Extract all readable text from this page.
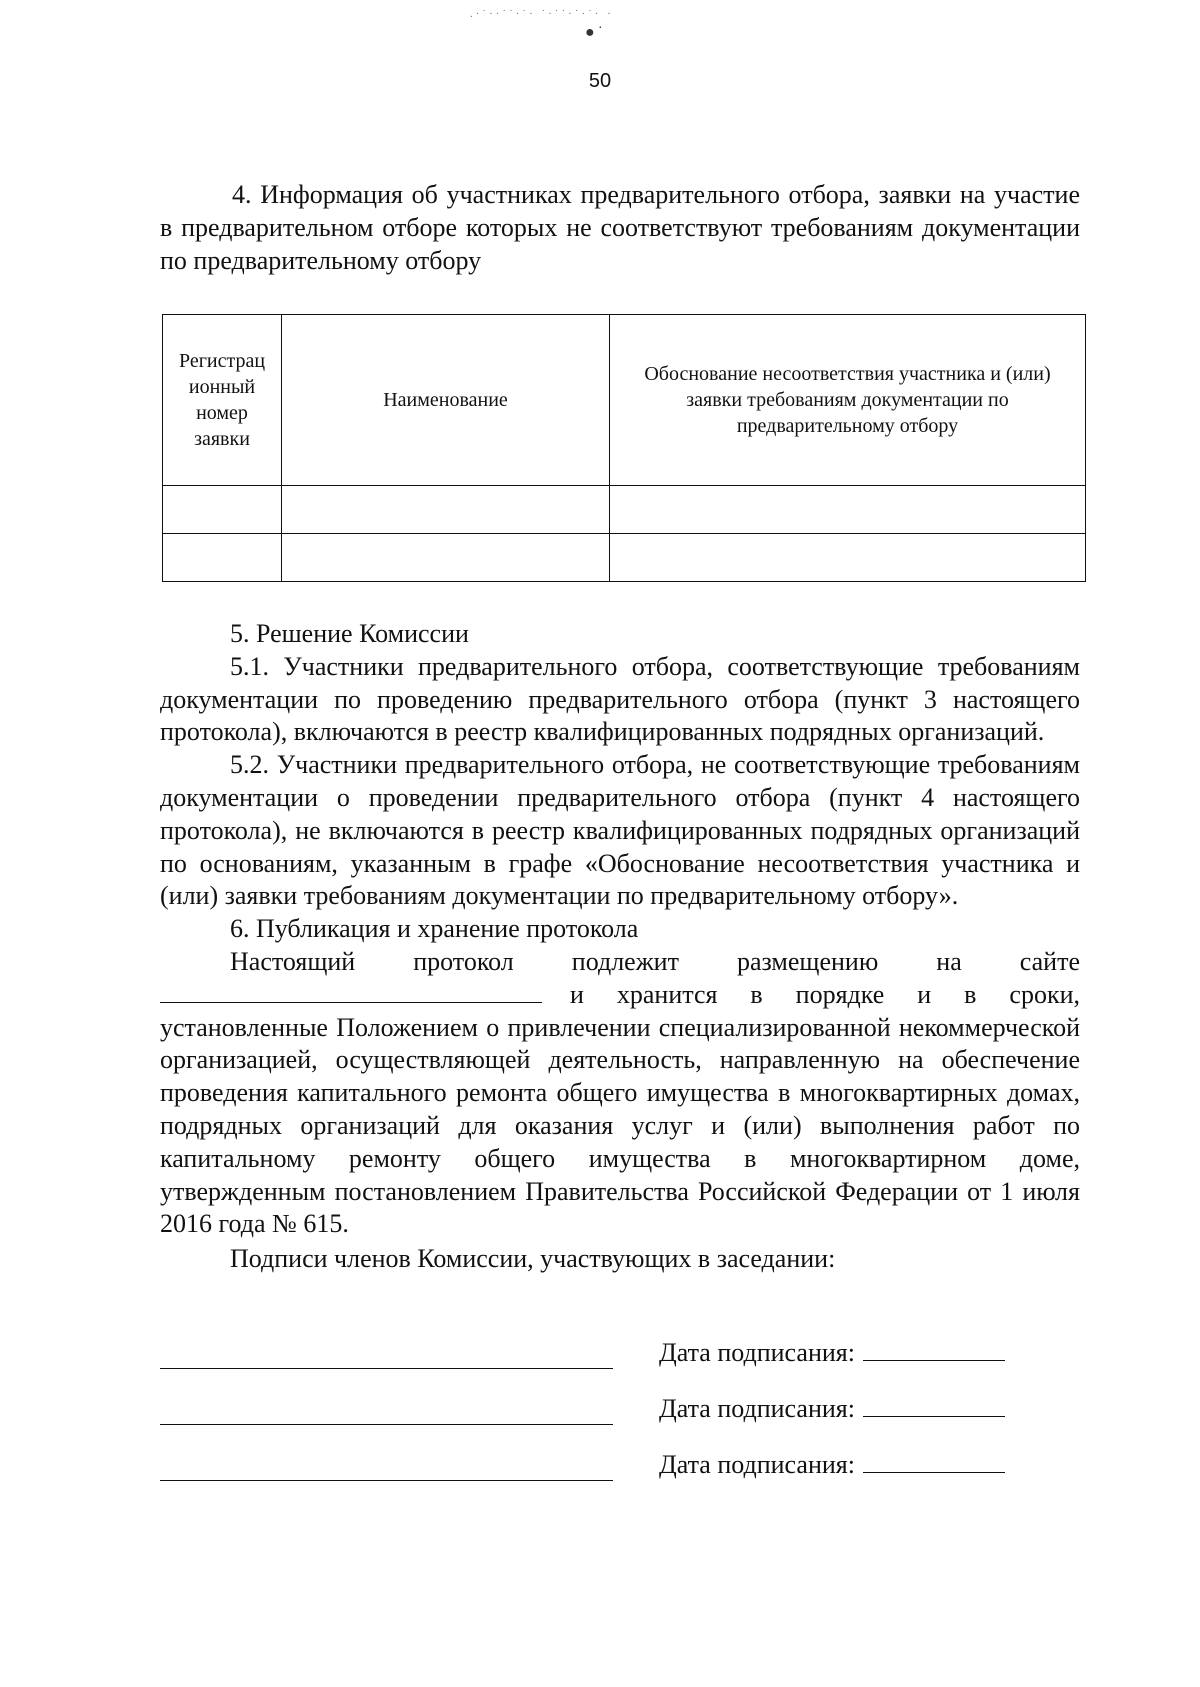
.·˙··˙˙·˙· ˙·˙˙·˙·˙· ·
●˙
50

4. Информация об участниках предварительного отбора, заявки на участие в предварительном отборе которых не соответствуют требованиям документации по предварительному отбору

Регистрац ионный номер заявки	Наименование	Обоснование несоответствия участника и (или) заявки требованиям документации по предварительному отбору

5. Решение Комиссии

5.1. Участники предварительного отбора, соответствующие требованиям документации по проведению предварительного отбора (пункт 3 настоящего протокола), включаются в реестр квалифицированных подрядных организаций.

5.2. Участники предварительного отбора, не соответствующие требованиям документации о проведении предварительного отбора (пункт 4 настоящего протокола), не включаются в реестр квалифицированных подрядных организаций по основаниям, указанным в графе «Обоснование несоответствия участника и (или) заявки требованиям документации по предварительному отбору».

6. Публикация и хранение протокола

Настоящий протокол подлежит размещению на сайте

и хранится в порядке и в сроки, установленные Положением о привлечении специализированной некоммерческой организацией, осуществляющей деятельность, направленную на обеспечение проведения капитального ремонта общего имущества в многоквартирных домах, подрядных организаций для оказания услуг и (или) выполнения работ по капитальному ремонту общего имущества в многоквартирном доме, утвержденным постановлением Правительства Российской Федерации от 1 июля 2016 года № 615.

Подписи членов Комиссии, участвующих в заседании:

Дата подписания:
Дата подписания:
Дата подписания:
